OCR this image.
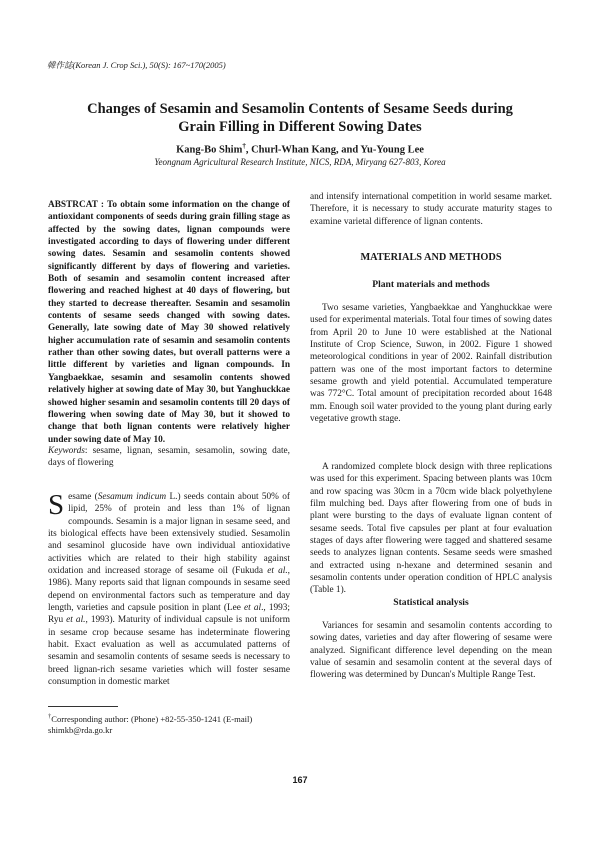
韓作誌(Korean J. Crop Sci.), 50(S): 167~170(2005)
Changes of Sesamin and Sesamolin Contents of Sesame Seeds during
Grain Filling in Different Sowing Dates
Kang-Bo Shim†, Churl-Whan Kang, and Yu-Young Lee
Yeongnam Agricultural Research Institute, NICS, RDA, Miryang 627-803, Korea

ABSTRCAT : To obtain some information on the change of antioxidant components of seeds during grain filling stage as affected by the sowing dates, lignan compounds were investigated according to days of flowering under different sowing dates. Sesamin and sesamolin contents showed significantly different by days of flowering and varieties. Both of sesamin and sesamolin content increased after flowering and reached highest at 40 days of flowering, but they started to decrease thereafter. Sesamin and sesamolin contents of sesame seeds changed with sowing dates. Generally, late sowing date of May 30 showed relatively higher accumulation rate of sesamin and sesamolin contents rather than other sowing dates, but overall patterns were a little different by varieties and lignan compounds. In Yangbaekkae, sesamin and sesamolin contents showed relatively higher at sowing date of May 30, but Yanghuckkae showed higher sesamin and sesamolin contents till 20 days of flowering when sowing date of May 30, but it showed to change that both lignan contents were relatively higher under sowing date of May 10.

Keywords: sesame, lignan, sesamin, sesamolin, sowing date, days of flowering

S esame (Sesamum indicum L.) seeds contain about 50% of lipid, 25% of protein and less than 1% of lignan compounds. Sesamin is a major lignan in sesame seed, and its biological effects have been extensively studied. Sesamolin and sesaminol glucoside have own individual antioxidative activities which are related to their high stability against oxidation and increased storage of sesame oil (Fukuda et al., 1986). Many reports said that lignan compounds in sesame seed depend on environmental factors such as temperature and day length, varieties and capsule position in plant (Lee et al., 1993; Ryu et al., 1993). Maturity of individual capsule is not uniform in sesame crop because sesame has indeterminate flowering habit. Exact evaluation as well as accumulated patterns of sesamin and sesamolin contents of sesame seeds is necessary to breed lignan-rich sesame varieties which will foster sesame consumption in domestic market

†Corresponding author: (Phone) +82-55-350-1241 (E-mail) shimkb@rda.go.kr

and intensify international competition in world sesame market. Therefore, it is necessary to study accurate maturity stages to examine varietal difference of lignan contents.

MATERIALS AND METHODS
Plant materials and methods

Two sesame varieties, Yangbaekkae and Yanghuckkae were used for experimental materials. Total four times of sowing dates from April 20 to June 10 were established at the National Institute of Crop Science, Suwon, in 2002. Figure 1 showed meteorological conditions in year of 2002. Rainfall distribution pattern was one of the most important factors to determine sesame growth and yield potential. Accumulated temperature was 772°C. Total amount of precipitation recorded about 1648 mm. Enough soil water provided to the young plant during early vegetative growth stage.

A randomized complete block design with three replications was used for this experiment. Spacing between plants was 10cm and row spacing was 30cm in a 70cm wide black polyethylene film mulching bed. Days after flowering from one of buds in plant were bursting to the days of evaluate lignan content of sesame seeds. Total five capsules per plant at four evaluation stages of days after flowering were tagged and shattered sesame seeds to analyzes lignan contents. Sesame seeds were smashed and extracted using n-hexane and determined sesanin and sesamolin contents under operation condition of HPLC analysis (Table 1).

Statistical analysis

Variances for sesamin and sesamolin contents according to sowing dates, varieties and day after flowering of sesame were analyzed. Significant difference level depending on the mean value of sesamin and sesamolin content at the several days of flowering was determined by Duncan's Multiple Range Test.

167
